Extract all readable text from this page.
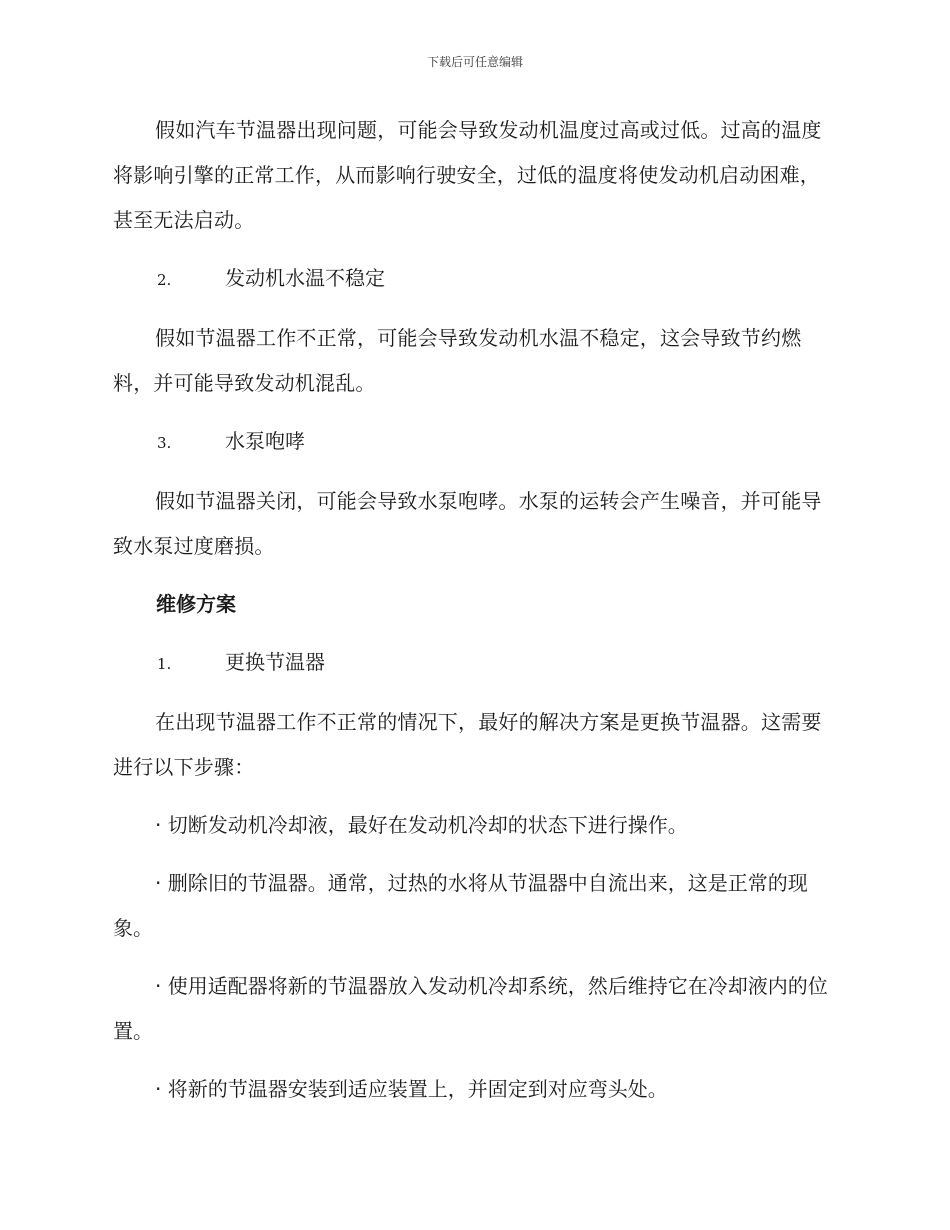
下载后可任意编辑

假如汽车节温器出现问题，可能会导致发动机温度过高或过低。过高的温度将影响引擎的正常工作，从而影响行驶安全，过低的温度将使发动机启动困难，甚至无法启动。

2.	发动机水温不稳定

假如节温器工作不正常，可能会导致发动机水温不稳定，这会导致节约燃料，并可能导致发动机混乱。

3.	水泵咆哮

假如节温器关闭，可能会导致水泵咆哮。水泵的运转会产生噪音，并可能导致水泵过度磨损。

维修方案

1.	更换节温器

在出现节温器工作不正常的情况下，最好的解决方案是更换节温器。这需要进行以下步骤：

· 切断发动机冷却液，最好在发动机冷却的状态下进行操作。

· 删除旧的节温器。通常，过热的水将从节温器中自流出来，这是正常的现象。

· 使用适配器将新的节温器放入发动机冷却系统，然后维持它在冷却液内的位置。

· 将新的节温器安装到适应装置上，并固定到对应弯头处。
